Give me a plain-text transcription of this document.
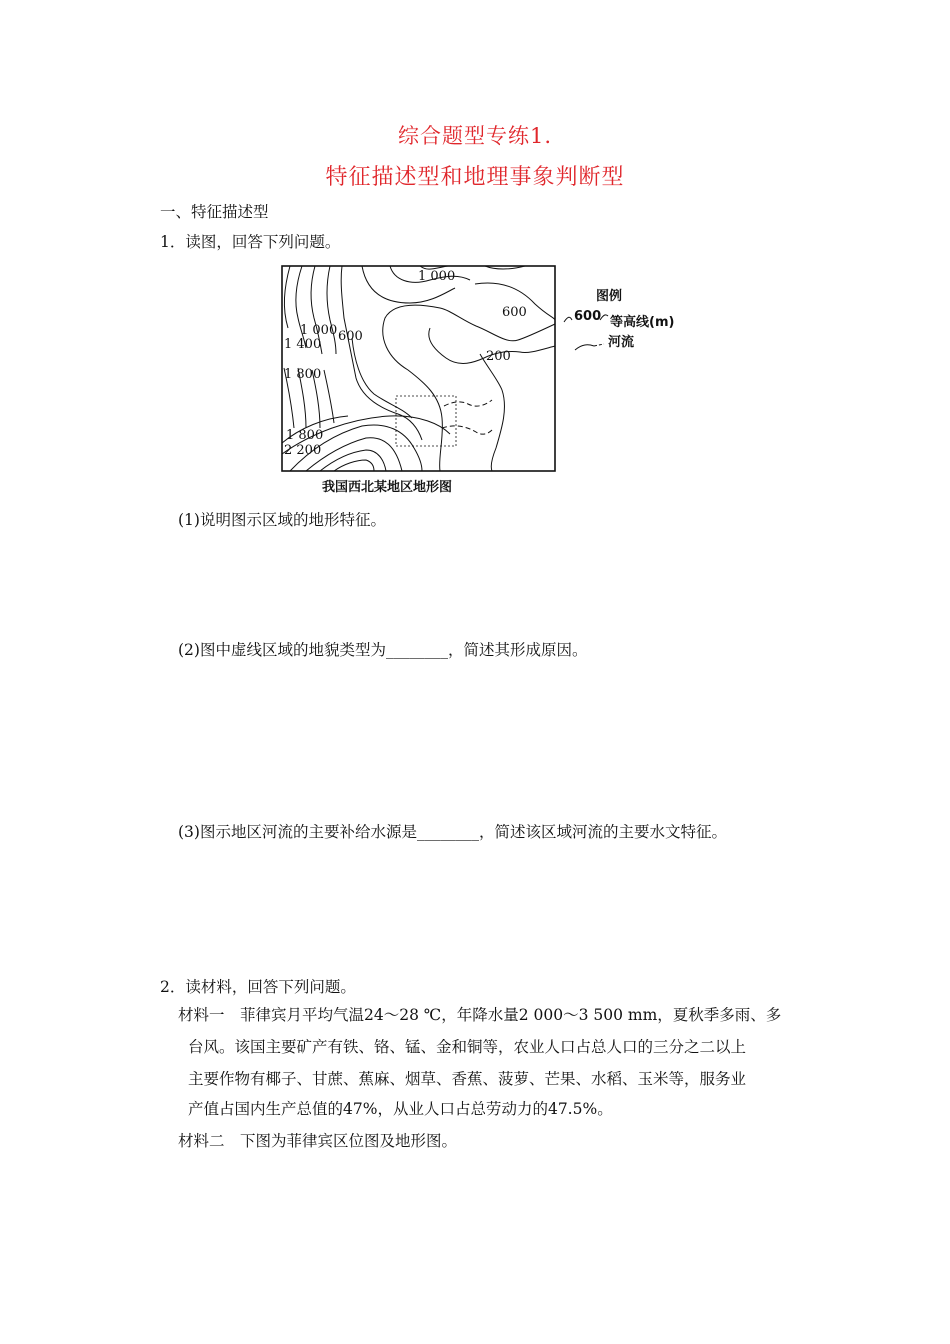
综合题型专练1.
特征描述型和地理事象判断型
一、特征描述型
1．读图，回答下列问题。
1 000
600
1 000 600
1 400
1 800
200
1 800
2 200
图例
600 等高线(m)
河流
我国西北某地区地形图
(1)说明图示区域的地形特征。
(2)图中虚线区域的地貌类型为________，简述其形成原因。
(3)图示地区河流的主要补给水源是________，简述该区域河流的主要水文特征。
2．读材料，回答下列问题。
材料一　菲律宾月平均气温24～28 ℃，年降水量2 000～3 500 mm，夏秋季多雨、多
台风。该国主要矿产有铁、铬、锰、金和铜等，农业人口占总人口的三分之二以上
主要作物有椰子、甘蔗、蕉麻、烟草、香蕉、菠萝、芒果、水稻、玉米等，服务业
产值占国内生产总值的47%，从业人口占总劳动力的47.5%。
材料二　下图为菲律宾区位图及地形图。
